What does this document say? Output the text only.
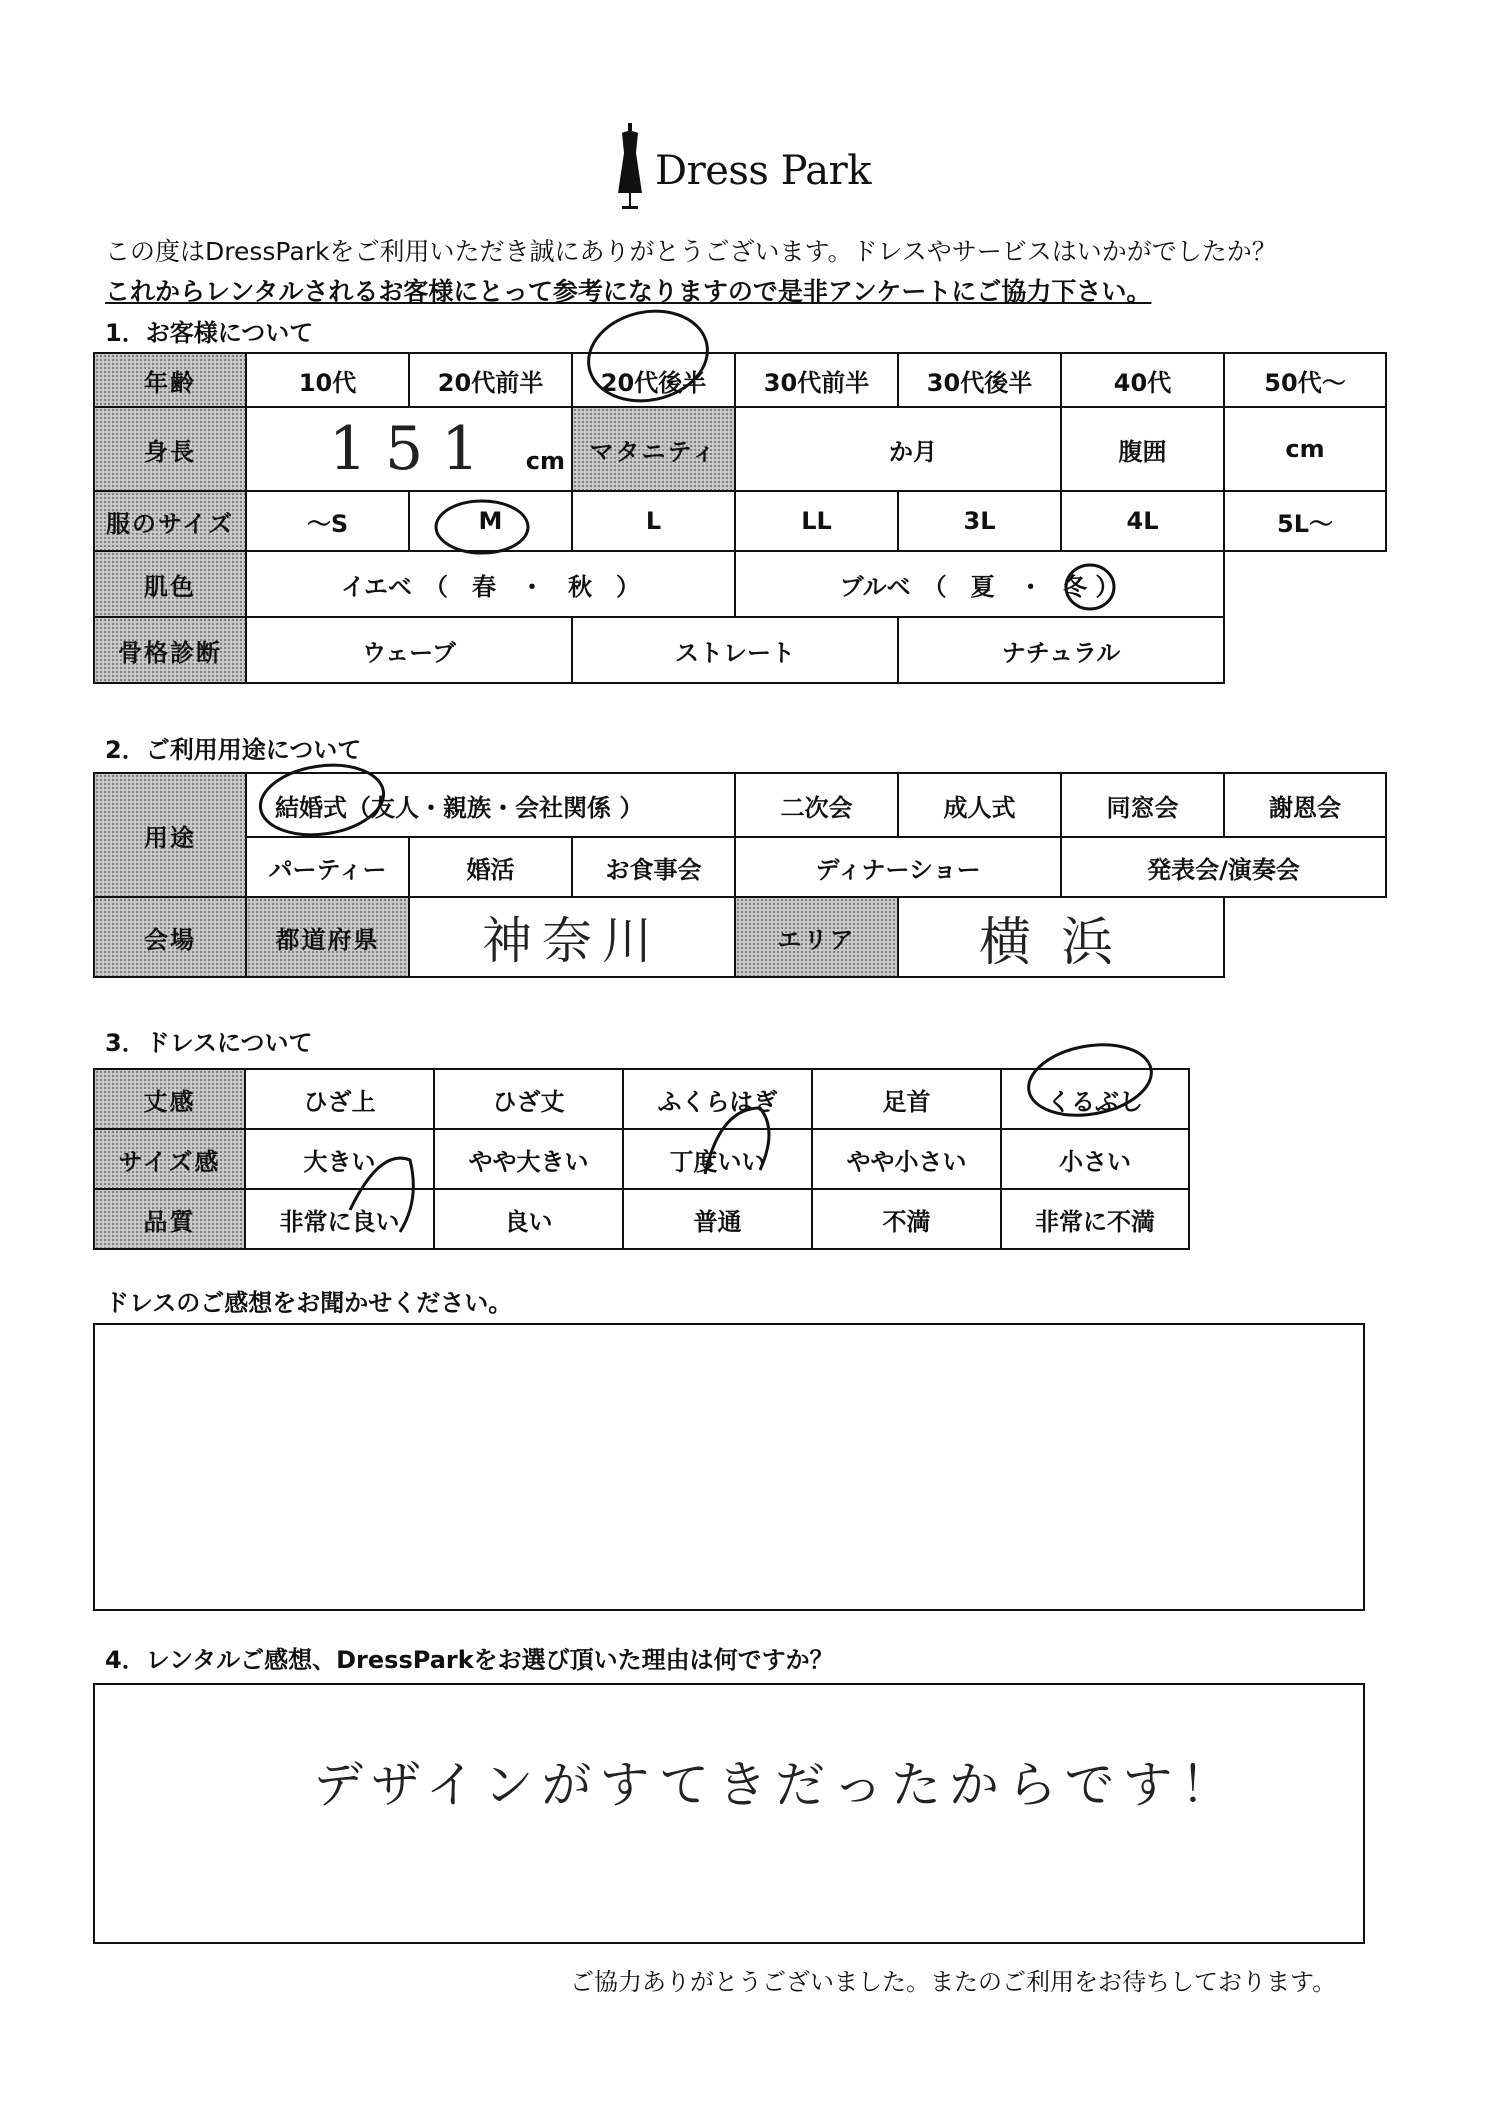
Dress Park
この度はDressParkをご利用いただき誠にありがとうございます。ドレスやサービスはいかがでしたか？
これからレンタルされるお客様にとって参考になりますので是非アンケートにご協力下さい。
1．お客様について
年齢	10代	20代前半	20代後半	30代前半	30代後半	40代	50代～
身長	151 cm		マタニティ	か月		腹囲	cm
服のサイズ	～S	M	L	LL	3L	4L	5L～
肌色	イエベ　（　春　・　秋　）			ブルベ　（　夏　・ 冬 ）			
骨格診断	ウェーブ		ストレート		ナチュラル		
2．ご利用用途について
用途	結婚式（友人・親族・会社関係 ）			二次会	成人式	同窓会	謝恩会
	パーティー	婚活	お食事会	ディナーショー		発表会/演奏会	
会場	都道府県	神奈川		エリア	横浜		
3．ドレスについて
丈感	ひざ上	ひざ丈	ふくらはぎ	足首	くるぶし
サイズ感	大きい	やや大きい	丁度いい	やや小さい	小さい
品質	非常に良い	良い	普通	不満	非常に不満
ドレスのご感想をお聞かせください。
4．レンタルご感想、DressParkをお選び頂いた理由は何ですか？
デザインがすてきだったからです！
ご協力ありがとうございました。またのご利用をお待ちしております。
